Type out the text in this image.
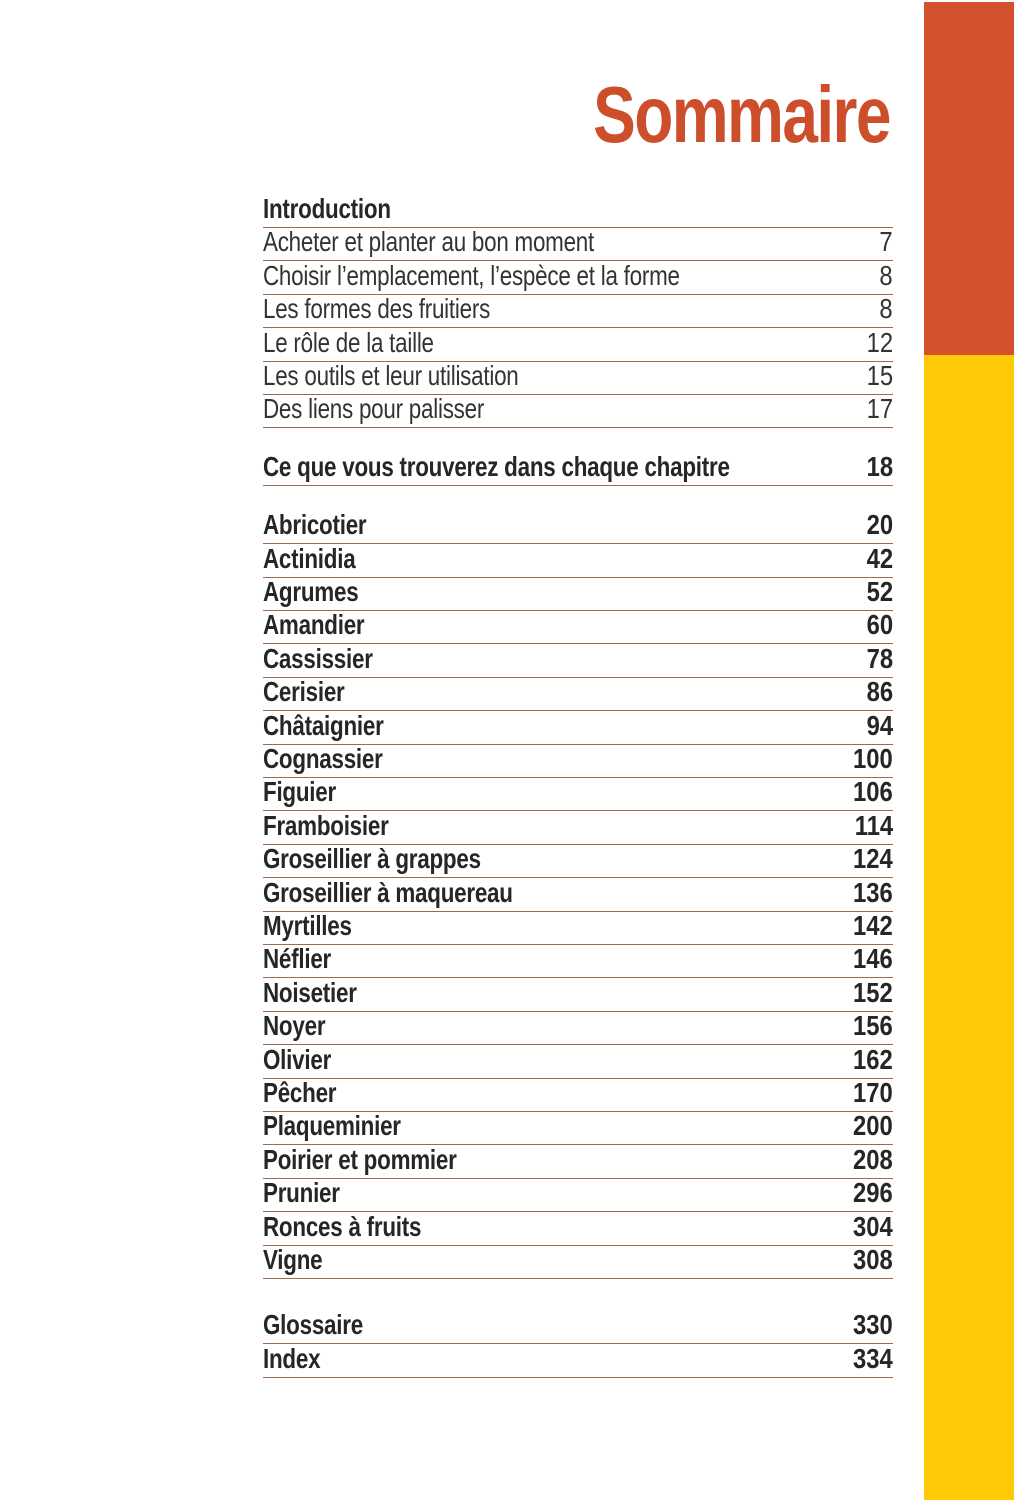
Sommaire
Introduction
Acheter et planter au bon moment	7
Choisir l’emplacement, l’espèce et la forme	8
Les formes des fruitiers	8
Le rôle de la taille	12
Les outils et leur utilisation	15
Des liens pour palisser	17
Ce que vous trouverez dans chaque chapitre	18
Abricotier	20
Actinidia	42
Agrumes	52
Amandier	60
Cassissier	78
Cerisier	86
Châtaignier	94
Cognassier	100
Figuier	106
Framboisier	114
Groseillier à grappes	124
Groseillier à maquereau	136
Myrtilles	142
Néflier	146
Noisetier	152
Noyer	156
Olivier	162
Pêcher	170
Plaqueminier	200
Poirier et pommier	208
Prunier	296
Ronces à fruits	304
Vigne	308
Glossaire	330
Index	334
